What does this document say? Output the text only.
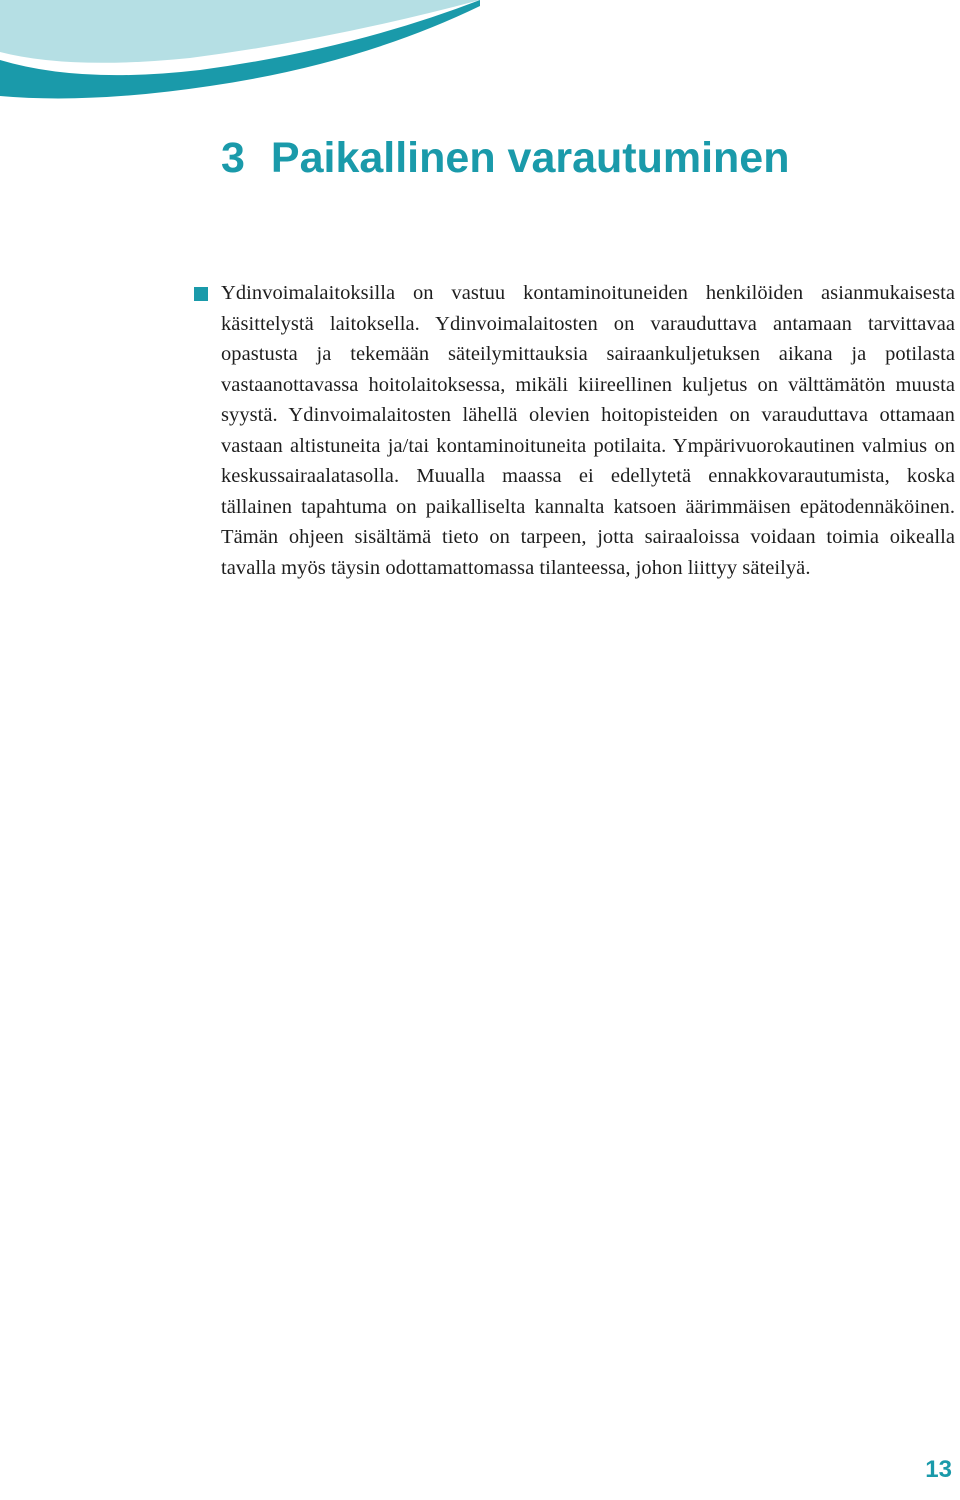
3 Paikallinen varautuminen

Ydinvoimalaitoksilla on vastuu kontaminoituneiden henkilöiden asianmukaisesta käsittelystä laitoksella. Ydinvoimalaitosten on varauduttava antamaan tarvittavaa opastusta ja tekemään säteilymittauksia sairaankuljetuksen aikana ja potilasta vastaanottavassa hoitolaitoksessa, mikäli kiireellinen kuljetus on välttämätön muusta syystä. Ydinvoimalaitosten lähellä olevien hoitopisteiden on varauduttava ottamaan vastaan altistuneita ja/tai kontaminoituneita potilaita. Ympärivuorokautinen valmius on keskussairaalatasolla. Muualla maassa ei edellytetä ennakkovarautumista, koska tällainen tapahtuma on paikalliselta kannalta katsoen äärimmäisen epätodennäköinen. Tämän ohjeen sisältämä tieto on tarpeen, jotta sairaaloissa voidaan toimia oikealla tavalla myös täysin odottamattomassa tilanteessa, johon liittyy säteilyä.

13
